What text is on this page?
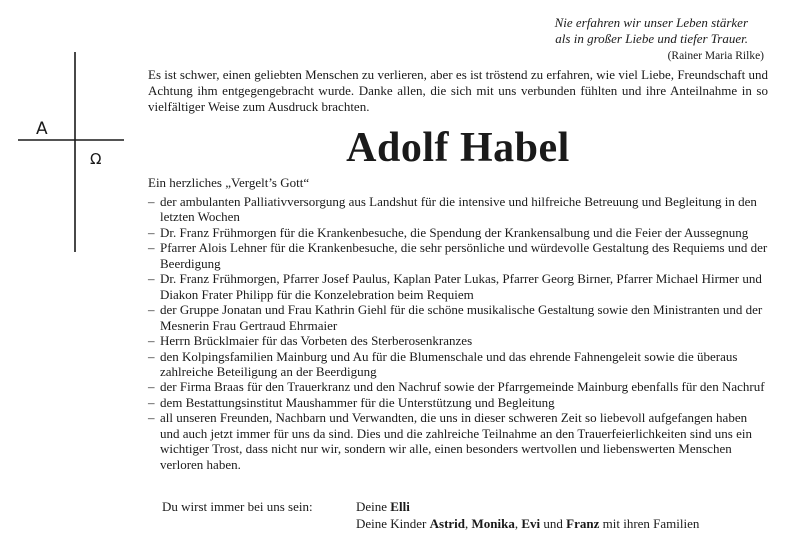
Nie erfahren wir unser Leben stärker
als in großer Liebe und tiefer Trauer.
(Rainer Maria Rilke)
A
Ω
Es ist schwer, einen geliebten Menschen zu verlieren, aber es ist tröstend zu erfahren, wie viel Liebe, Freundschaft und Achtung ihm entgegengebracht wurde. Danke allen, die sich mit uns verbunden fühlten und ihre Anteilnahme in so vielfältiger Weise zum Ausdruck brachten.
Adolf Habel
Ein herzliches „Vergelt’s Gott“
– der ambulanten Palliativversorgung aus Landshut für die intensive und hilfreiche Betreuung und Begleitung in den letzten Wochen
– Dr. Franz Frühmorgen für die Krankenbesuche, die Spendung der Krankensalbung und die Feier der Aussegnung
– Pfarrer Alois Lehner für die Krankenbesuche, die sehr persönliche und würdevolle Gestaltung des Requiems und der Beerdigung
– Dr. Franz Frühmorgen, Pfarrer Josef Paulus, Kaplan Pater Lukas, Pfarrer Georg Birner, Pfarrer Michael Hirmer und Diakon Frater Philipp für die Konzelebration beim Requiem
– der Gruppe Jonatan und Frau Kathrin Giehl für die schöne musikalische Gestaltung sowie den Ministranten und der Mesnerin Frau Gertraud Ehrmaier
– Herrn Brücklmaier für das Vorbeten des Sterberosenkranzes
– den Kolpingsfamilien Mainburg und Au für die Blumenschale und das ehrende Fahnengeleit sowie die überaus zahlreiche Beteiligung an der Beerdigung
– der Firma Braas für den Trauerkranz und den Nachruf sowie der Pfarrgemeinde Mainburg ebenfalls für den Nachruf
– dem Bestattungsinstitut Maushammer für die Unterstützung und Begleitung
– all unseren Freunden, Nachbarn und Verwandten, die uns in dieser schweren Zeit so liebevoll aufgefangen haben und auch jetzt immer für uns da sind. Dies und die zahlreiche Teilnahme an den Trauerfeierlichkeiten sind uns ein wichtiger Trost, dass nicht nur wir, sondern wir alle, einen besonders wertvollen und liebenswerten Menschen verloren haben.
Du wirst immer bei uns sein:	Deine Elli
Deine Kinder Astrid, Monika, Evi und Franz mit ihren Familien
